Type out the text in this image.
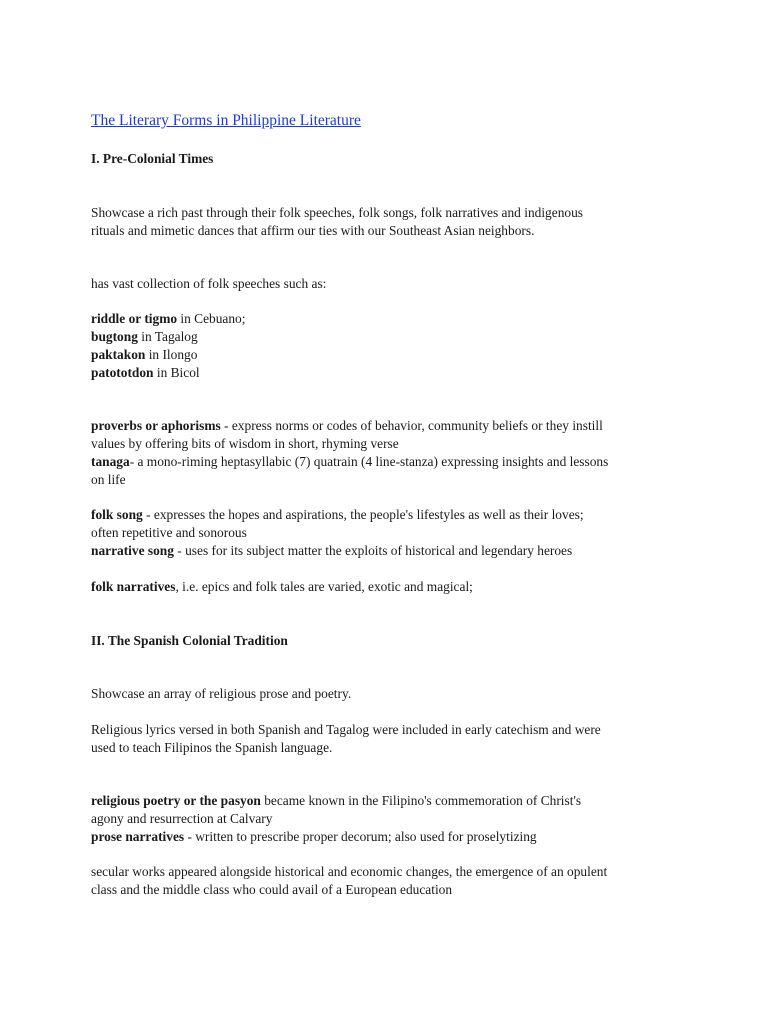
The Literary Forms in Philippine Literature
I. Pre-Colonial Times
Showcase a rich past through their folk speeches, folk songs, folk narratives and indigenous
rituals and mimetic dances that affirm our ties with our Southeast Asian neighbors.
has vast collection of folk speeches such as:
riddle or tigmo in Cebuano;
bugtong in Tagalog
paktakon in Ilongo
patototdon in Bicol
proverbs or aphorisms - express norms or codes of behavior, community beliefs or they instill
values by offering bits of wisdom in short, rhyming verse
tanaga- a mono-riming heptasyllabic (7) quatrain (4 line-stanza) expressing insights and lessons
on life
folk song - expresses the hopes and aspirations, the people's lifestyles as well as their loves;
often repetitive and sonorous
narrative song - uses for its subject matter the exploits of historical and legendary heroes
folk narratives, i.e. epics and folk tales are varied, exotic and magical;
II. The Spanish Colonial Tradition
Showcase an array of religious prose and poetry.
Religious lyrics versed in both Spanish and Tagalog were included in early catechism and were
used to teach Filipinos the Spanish language.
religious poetry or the pasyon became known in the Filipino's commemoration of Christ's
agony and resurrection at Calvary
prose narratives - written to prescribe proper decorum; also used for proselytizing
secular works appeared alongside historical and economic changes, the emergence of an opulent
class and the middle class who could avail of a European education
